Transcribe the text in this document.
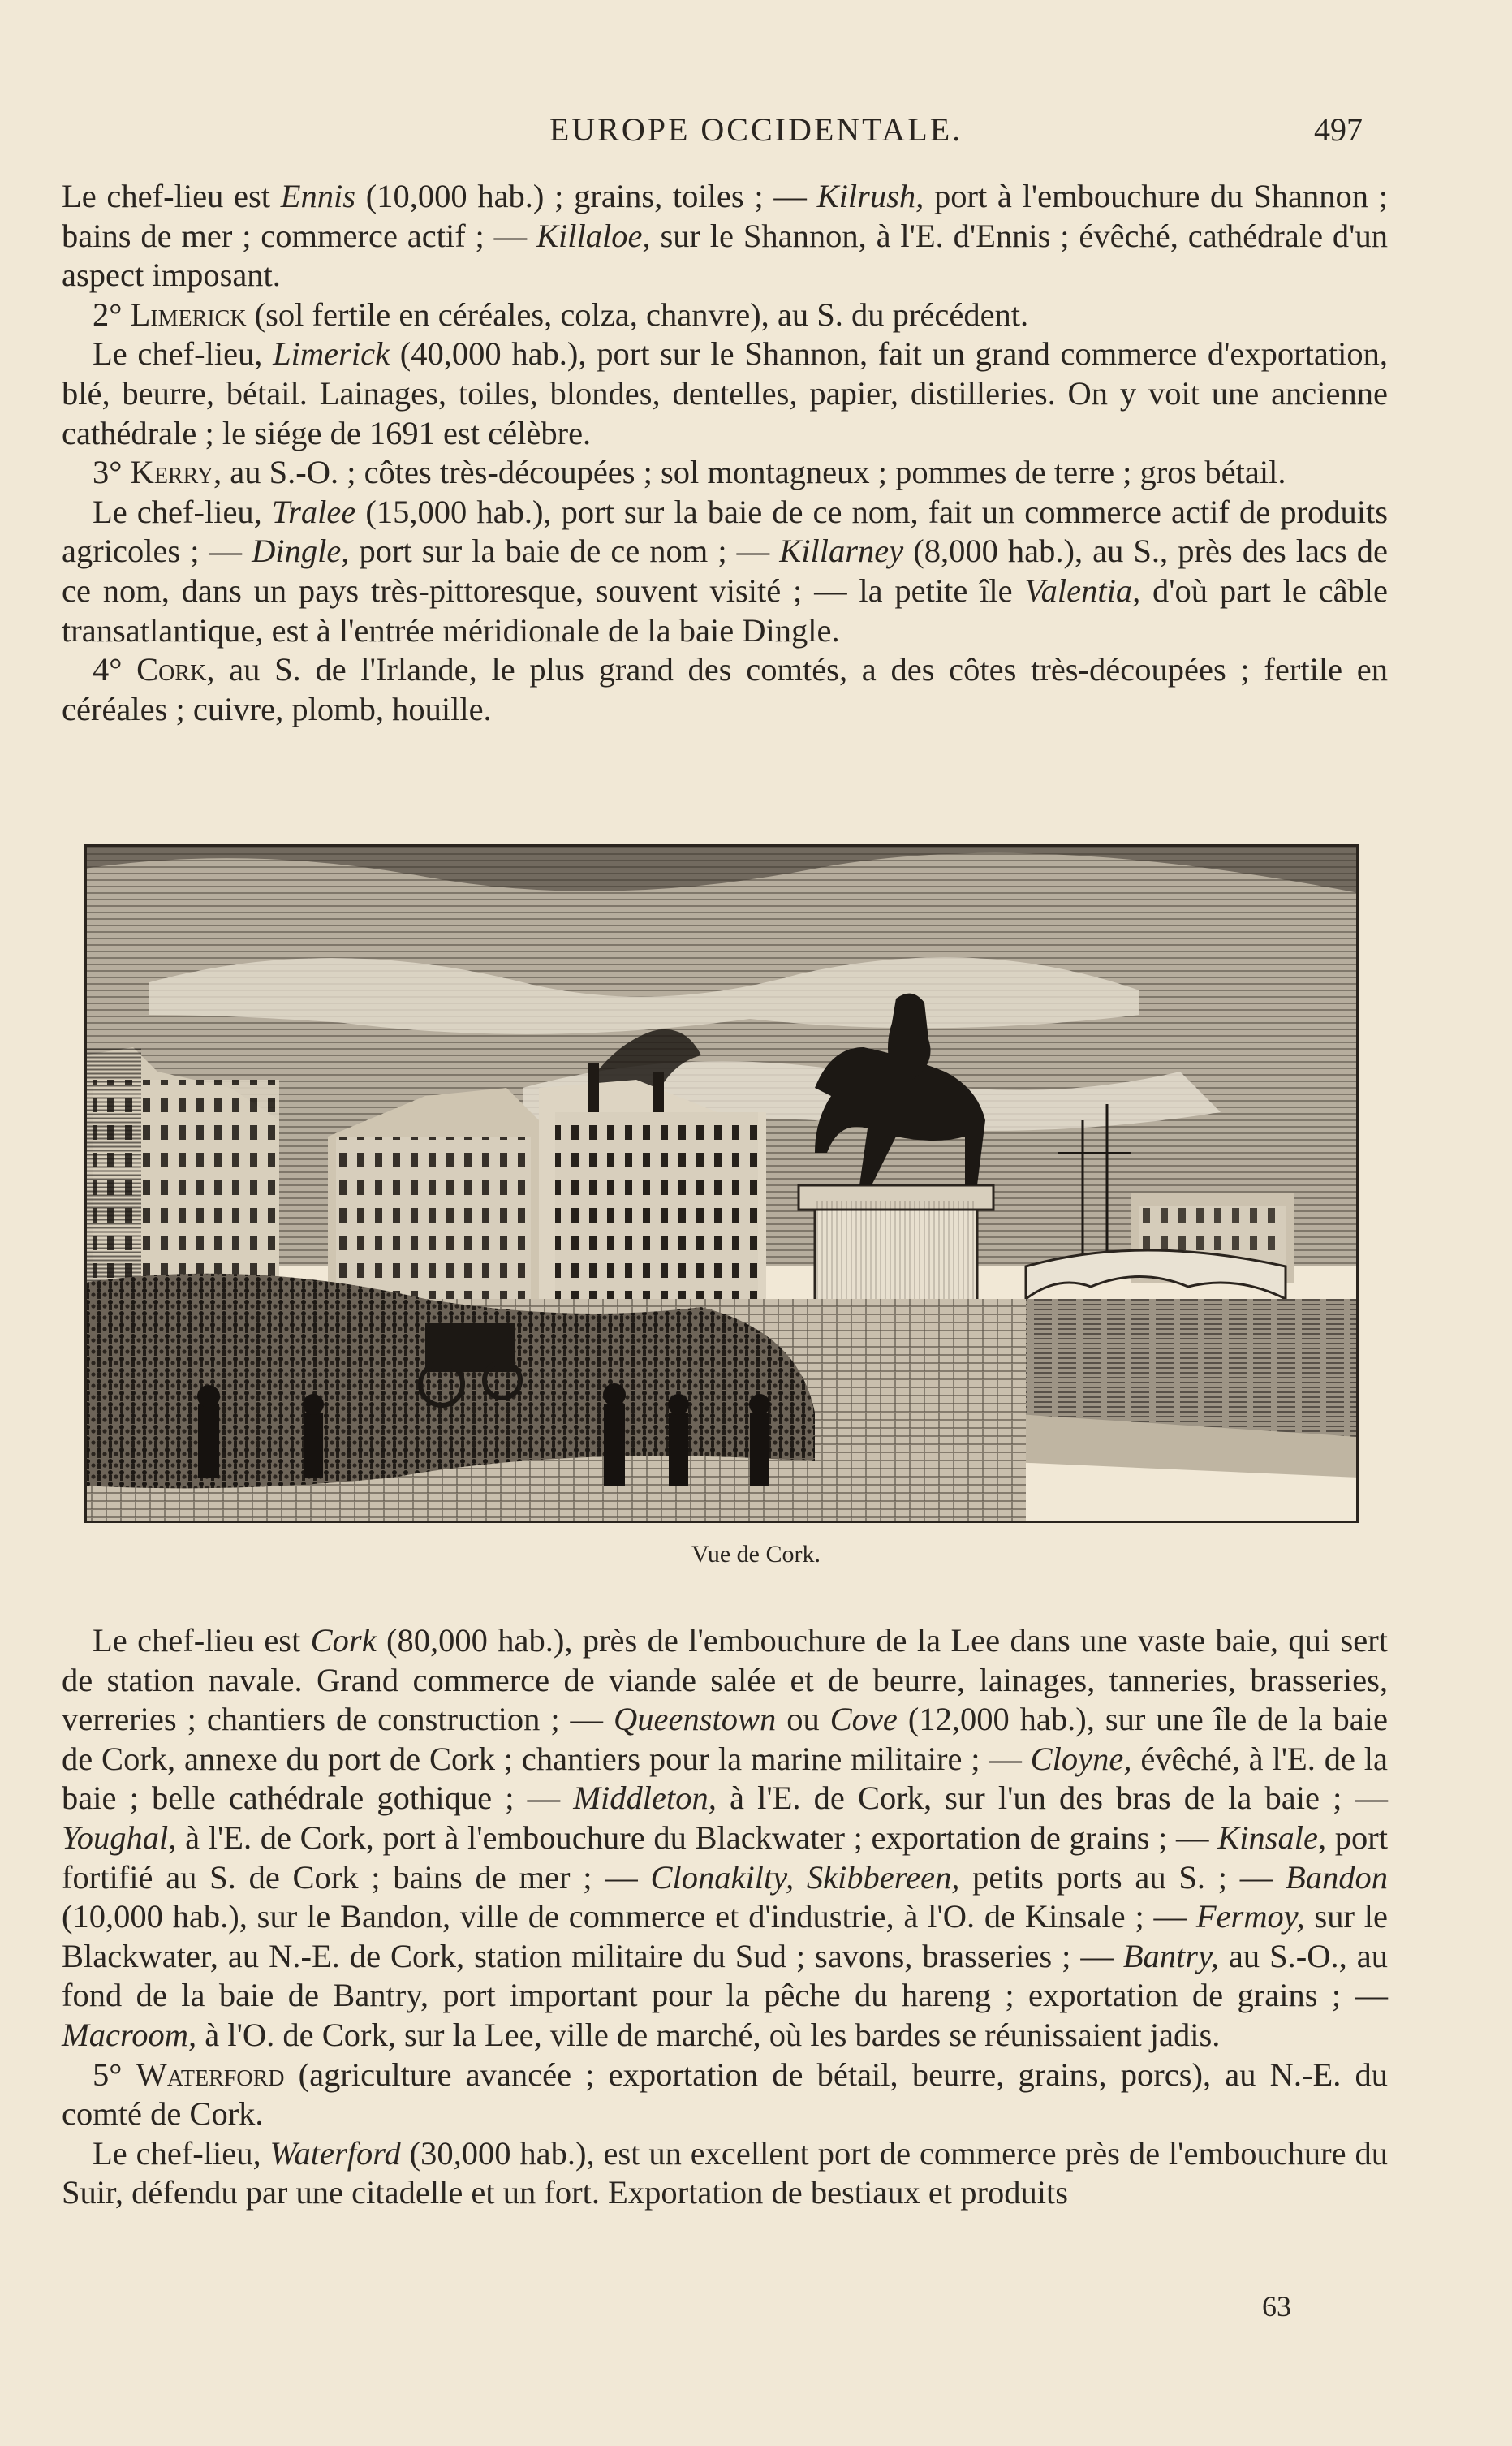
EUROPE OCCIDENTALE.	497

Le chef-lieu est Ennis (10,000 hab.) ; grains, toiles ; — Kilrush, port à l'embouchure du Shannon ; bains de mer ; commerce actif ; — Killaloe, sur le Shannon, à l'E. d'Ennis ; évêché, cathédrale d'un aspect imposant.

2° Limerick (sol fertile en céréales, colza, chanvre), au S. du précédent.

Le chef-lieu, Limerick (40,000 hab.), port sur le Shannon, fait un grand commerce d'exportation, blé, beurre, bétail. Lainages, toiles, blondes, dentelles, papier, distilleries. On y voit une ancienne cathédrale ; le siége de 1691 est célèbre.

3° Kerry, au S.-O. ; côtes très-découpées ; sol montagneux ; pommes de terre ; gros bétail.

Le chef-lieu, Tralee (15,000 hab.), port sur la baie de ce nom, fait un commerce actif de produits agricoles ; — Dingle, port sur la baie de ce nom ; — Killarney (8,000 hab.), au S., près des lacs de ce nom, dans un pays très-pittoresque, souvent visité ; — la petite île Valentia, d'où part le câble transatlantique, est à l'entrée méridionale de la baie Dingle.

4° Cork, au S. de l'Irlande, le plus grand des comtés, a des côtes très-découpées ; fertile en céréales ; cuivre, plomb, houille.

Vue de Cork.

Le chef-lieu est Cork (80,000 hab.), près de l'embouchure de la Lee dans une vaste baie, qui sert de station navale. Grand commerce de viande salée et de beurre, lainages, tanneries, brasseries, verreries ; chantiers de construction ; — Queenstown ou Cove (12,000 hab.), sur une île de la baie de Cork, annexe du port de Cork ; chantiers pour la marine militaire ; — Cloyne, évêché, à l'E. de la baie ; belle cathédrale gothique ; — Middleton, à l'E. de Cork, sur l'un des bras de la baie ; — Youghal, à l'E. de Cork, port à l'embouchure du Blackwater ; exportation de grains ; — Kinsale, port fortifié au S. de Cork ; bains de mer ; — Clonakilty, Skibbereen, petits ports au S. ; — Bandon (10,000 hab.), sur le Bandon, ville de commerce et d'industrie, à l'O. de Kinsale ; — Fermoy, sur le Blackwater, au N.-E. de Cork, station militaire du Sud ; savons, brasseries ; — Bantry, au S.-O., au fond de la baie de Bantry, port important pour la pêche du hareng ; exportation de grains ; — Macroom, à l'O. de Cork, sur la Lee, ville de marché, où les bardes se réunissaient jadis.

5° Waterford (agriculture avancée ; exportation de bétail, beurre, grains, porcs), au N.-E. du comté de Cork.

Le chef-lieu, Waterford (30,000 hab.), est un excellent port de commerce près de l'embouchure du Suir, défendu par une citadelle et un fort. Exportation de bestiaux et produits

63
